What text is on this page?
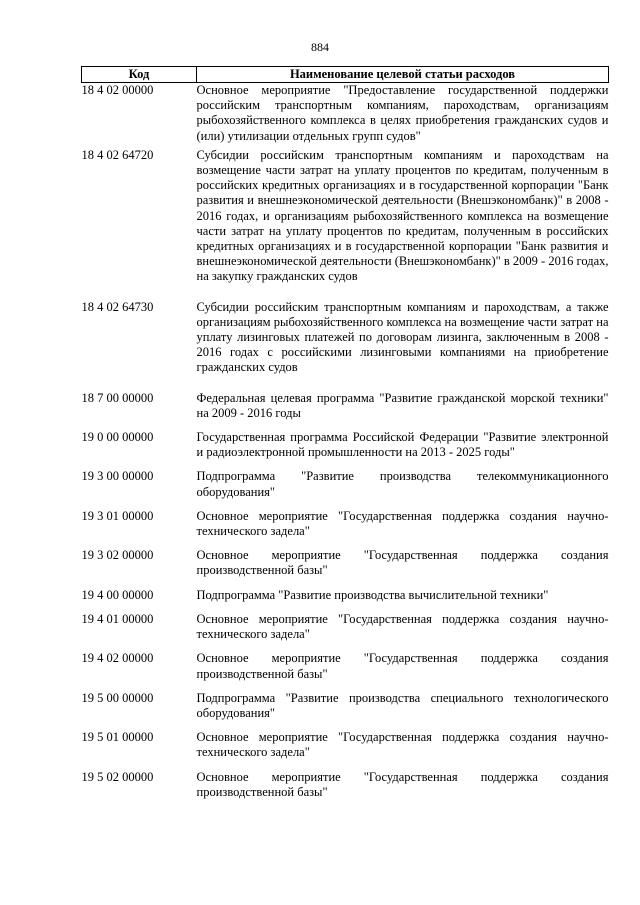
884
Код	Наименование целевой статьи расходов
18 4 02 00000	Основное мероприятие "Предоставление государственной поддержки российским транспортным компаниям, пароходствам, организациям рыбохозяйственного комплекса в целях приобретения гражданских судов и (или) утилизации отдельных групп судов"
18 4 02 64720	Субсидии российским транспортным компаниям и пароходствам на возмещение части затрат на уплату процентов по кредитам, полученным в российских кредитных организациях и в государственной корпорации "Банк развития и внешнеэкономической деятельности (Внешэкономбанк)" в 2008 - 2016 годах, и организациям рыбохозяйственного комплекса на возмещение части затрат на уплату процентов по кредитам, полученным в российских кредитных организациях и в государственной корпорации "Банк развития и внешнеэкономической деятельности (Внешэкономбанк)" в 2009 - 2016 годах, на закупку гражданских судов
18 4 02 64730	Субсидии российским транспортным компаниям и пароходствам, а также организациям рыбохозяйственного комплекса на возмещение части затрат на уплату лизинговых платежей по договорам лизинга, заключенным в 2008 - 2016 годах с российскими лизинговыми компаниями на приобретение гражданских судов
18 7 00 00000	Федеральная целевая программа "Развитие гражданской морской техники" на 2009 - 2016 годы
19 0 00 00000	Государственная программа Российской Федерации "Развитие электронной и радиоэлектронной промышленности на 2013 - 2025 годы"
19 3 00 00000	Подпрограмма "Развитие производства телекоммуникационного оборудования"
19 3 01 00000	Основное мероприятие "Государственная поддержка создания научно-технического задела"
19 3 02 00000	Основное мероприятие "Государственная поддержка создания производственной базы"
19 4 00 00000	Подпрограмма "Развитие производства вычислительной техники"
19 4 01 00000	Основное мероприятие "Государственная поддержка создания научно-технического задела"
19 4 02 00000	Основное мероприятие "Государственная поддержка создания производственной базы"
19 5 00 00000	Подпрограмма "Развитие производства специального технологического оборудования"
19 5 01 00000	Основное мероприятие "Государственная поддержка создания научно-технического задела"
19 5 02 00000	Основное мероприятие "Государственная поддержка создания производственной базы"
